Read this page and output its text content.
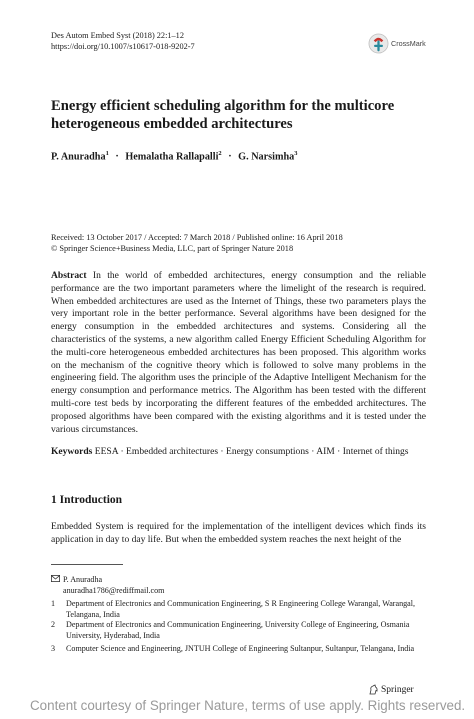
Des Autom Embed Syst (2018) 22:1–12
https://doi.org/10.1007/s10617-018-9202-7	CrossMark
Energy efficient scheduling algorithm for the multicore heterogeneous embedded architectures
P. Anuradha$^1$ · Hemalatha Rallapalli$^2$ · G. Narsimha$^3$
Received: 13 October 2017 / Accepted: 7 March 2018 / Published online: 16 April 2018
© Springer Science+Business Media, LLC, part of Springer Nature 2018
Abstract In the world of embedded architectures, energy consumption and the reliable performance are the two important parameters where the limelight of the research is required. When embedded architectures are used as the Internet of Things, these two parameters plays the very important role in the better performance. Several algorithms have been designed for the energy consumption in the embedded architectures and systems. Considering all the characteristics of the systems, a new algorithm called Energy Efficient Scheduling Algorithm for the multi-core heterogeneous embedded architectures has been proposed. This algorithm works on the mechanism of the cognitive theory which is followed to solve many problems in the engineering field. The algorithm uses the principle of the Adaptive Intelligent Mechanism for the energy consumption and performance metrics. The Algorithm has been tested with the different multi-core test beds by incorporating the different features of the embedded architectures. The proposed algorithms have been compared with the existing algorithms and it is tested under the various circumstances.
Keywords EESA · Embedded architectures · Energy consumptions · AIM · Internet of things
1 Introduction
Embedded System is required for the implementation of the intelligent devices which finds its application in day to day life. But when the embedded system reaches the next height of the
P. Anuradha
anuradha1786@rediffmail.com
1	Department of Electronics and Communication Engineering, S R Engineering College Warangal, Warangal, Telangana, India
2	Department of Electronics and Communication Engineering, University College of Engineering, Osmania University, Hyderabad, India
3	Computer Science and Engineering, JNTUH College of Engineering Sultanpur, Sultanpur, Telangana, India
Springer
Content courtesy of Springer Nature, terms of use apply. Rights reserved.
